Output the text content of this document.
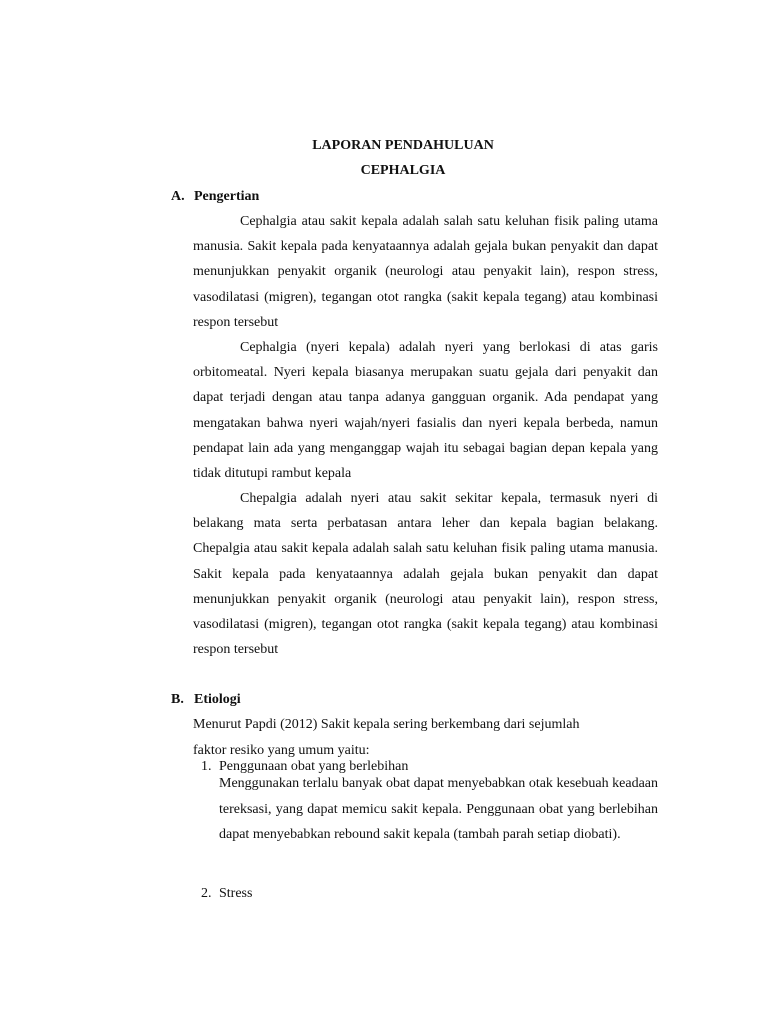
LAPORAN PENDAHULUAN
CEPHALGIA
A. Pengertian

Cephalgia atau sakit kepala adalah salah satu keluhan fisik paling utama manusia. Sakit kepala pada kenyataannya adalah gejala bukan penyakit dan dapat menunjukkan penyakit organik (neurologi atau penyakit lain), respon stress, vasodilatasi (migren), tegangan otot rangka (sakit kepala tegang) atau kombinasi respon tersebut

Cephalgia (nyeri kepala) adalah nyeri yang berlokasi di atas garis orbitomeatal. Nyeri kepala biasanya merupakan suatu gejala dari penyakit dan dapat terjadi dengan atau tanpa adanya gangguan organik. Ada pendapat yang mengatakan bahwa nyeri wajah/nyeri fasialis dan nyeri kepala berbeda, namun pendapat lain ada yang menganggap wajah itu sebagai bagian depan kepala yang tidak ditutupi rambut kepala

Chepalgia adalah nyeri atau sakit sekitar kepala, termasuk nyeri di belakang mata serta perbatasan antara leher dan kepala bagian belakang. Chepalgia atau sakit kepala adalah salah satu keluhan fisik paling utama manusia. Sakit kepala pada kenyataannya adalah gejala bukan penyakit dan dapat menunjukkan penyakit organik (neurologi atau penyakit lain), respon stress, vasodilatasi (migren), tegangan otot rangka (sakit kepala tegang) atau kombinasi respon tersebut

B. Etiologi
Menurut Papdi (2012) Sakit kepala sering berkembang dari sejumlah
faktor resiko yang umum yaitu:
1. Penggunaan obat yang berlebihan

Menggunakan terlalu banyak obat dapat menyebabkan otak kesebuah keadaan tereksasi, yang dapat memicu sakit kepala. Penggunaan obat yang berlebihan dapat menyebabkan rebound sakit kepala (tambah parah setiap diobati).

2. Stress
